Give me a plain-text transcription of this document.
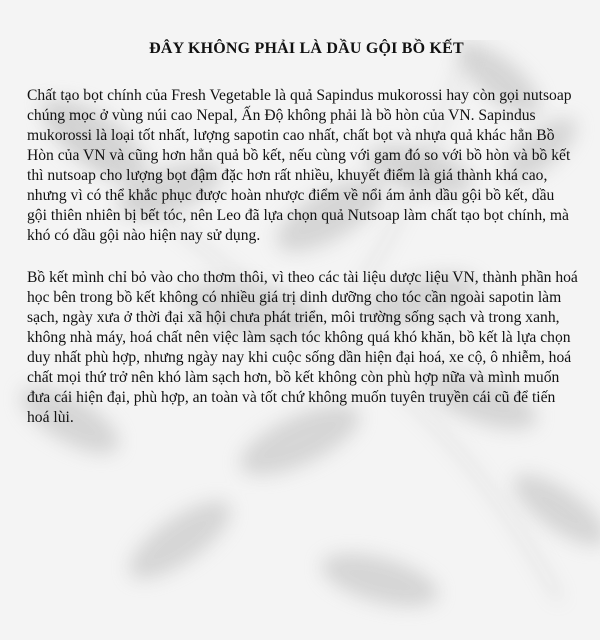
ĐÂY KHÔNG PHẢI LÀ DẦU GỘI BỒ KẾT

Chất tạo bọt chính của Fresh Vegetable là quả Sapindus mukorossi hay còn gọi nutsoap chúng mọc ở vùng núi cao Nepal, Ấn Độ không phải là bồ hòn của VN. Sapindus mukorossi là loại tốt nhất, lượng sapotin cao nhất, chất bọt và nhựa quả khác hẳn Bồ Hòn của VN và cũng hơn hẳn quả bồ kết, nếu cùng với gam đó so với bồ hòn và bồ kết thì nutsoap cho lượng bọt đậm đặc hơn rất nhiều, khuyết điểm là giá thành khá cao, nhưng vì có thể khắc phục được hoàn nhược điểm về nổi ám ảnh dầu gội bồ kết, dầu gội thiên nhiên bị bết tóc, nên Leo đã lựa chọn quả Nutsoap làm chất tạo bọt chính, mà khó có dầu gội nào hiện nay sử dụng.

Bồ kết mình chỉ bỏ vào cho thơm thôi, vì theo các tài liệu dược liệu VN, thành phần hoá học bên trong bồ kết không có nhiều giá trị dinh dưỡng cho tóc cần ngoài sapotin làm sạch, ngày xưa ở thời đại xã hội chưa phát triển, môi trường sống sạch và trong xanh, không nhà máy, hoá chất nên việc làm sạch tóc không quá khó khăn, bồ kết là lựa chọn duy nhất phù hợp, nhưng ngày nay khi cuộc sống dần hiện đại hoá, xe cộ, ô nhiễm, hoá chất mọi thứ trở nên khó làm sạch hơn, bồ kết không còn phù hợp nữa và mình muốn đưa cái hiện đại, phù hợp, an toàn và tốt chứ không muốn tuyên truyền cái cũ để tiến hoá lùi.
